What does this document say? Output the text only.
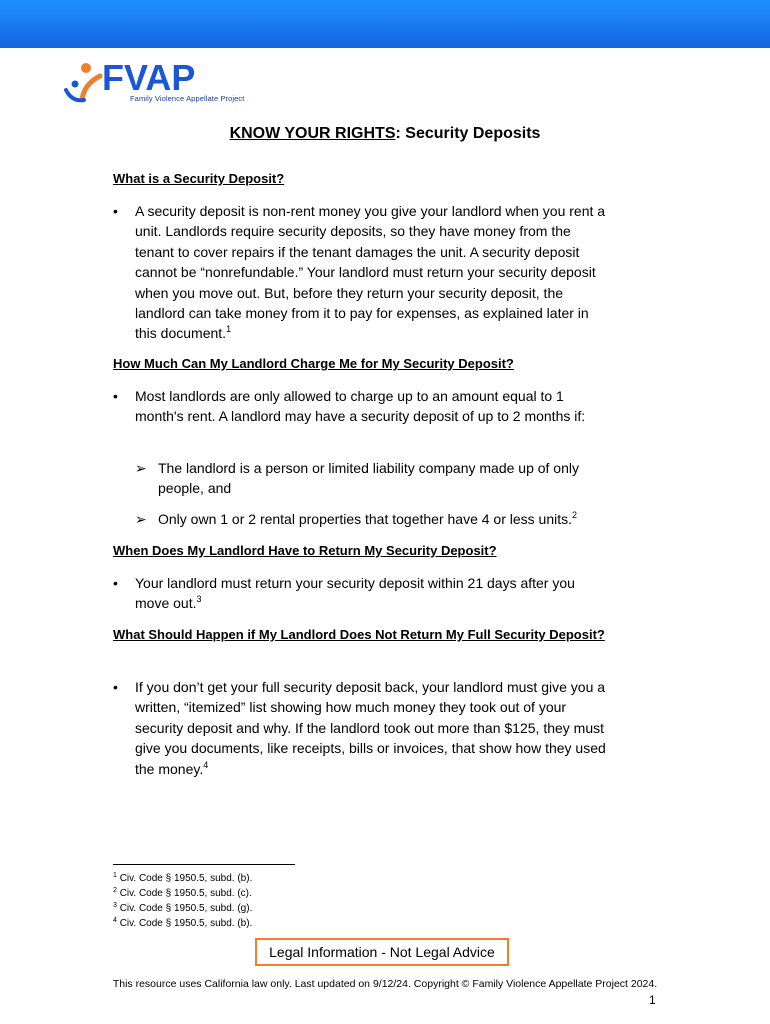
FVAP
Family Violence Appellate Project
KNOW YOUR RIGHTS: Security Deposits
What is a Security Deposit?
•	A security deposit is non-rent money you give your landlord when you rent a unit. Landlords require security deposits, so they have money from the tenant to cover repairs if the tenant damages the unit. A security deposit cannot be “nonrefundable.” Your landlord must return your security deposit when you move out. But, before they return your security deposit, the landlord can take money from it to pay for expenses, as explained later in this document.$^1$
How Much Can My Landlord Charge Me for My Security Deposit?
•	Most landlords are only allowed to charge up to an amount equal to 1 month's rent. A landlord may have a security deposit of up to 2 months if:
➢ The landlord is a person or limited liability company made up of only people, and
➢ Only own 1 or 2 rental properties that together have 4 or less units.$^2$
When Does My Landlord Have to Return My Security Deposit?
•	Your landlord must return your security deposit within 21 days after you move out.$^3$
What Should Happen if My Landlord Does Not Return My Full Security Deposit?
•	If you don’t get your full security deposit back, your landlord must give you a written, “itemized” list showing how much money they took out of your security deposit and why. If the landlord took out more than $125, they must give you documents, like receipts, bills or invoices, that show how they used the money.$^4$
$^1$ Civ. Code § 1950.5, subd. (b).
$^2$ Civ. Code § 1950.5, subd. (c).
$^3$ Civ. Code § 1950.5, subd. (g).
$^4$ Civ. Code § 1950.5, subd. (b).
Legal Information - Not Legal Advice
This resource uses California law only. Last updated on 9/12/24. Copyright © Family Violence Appellate Project 2024.
1
